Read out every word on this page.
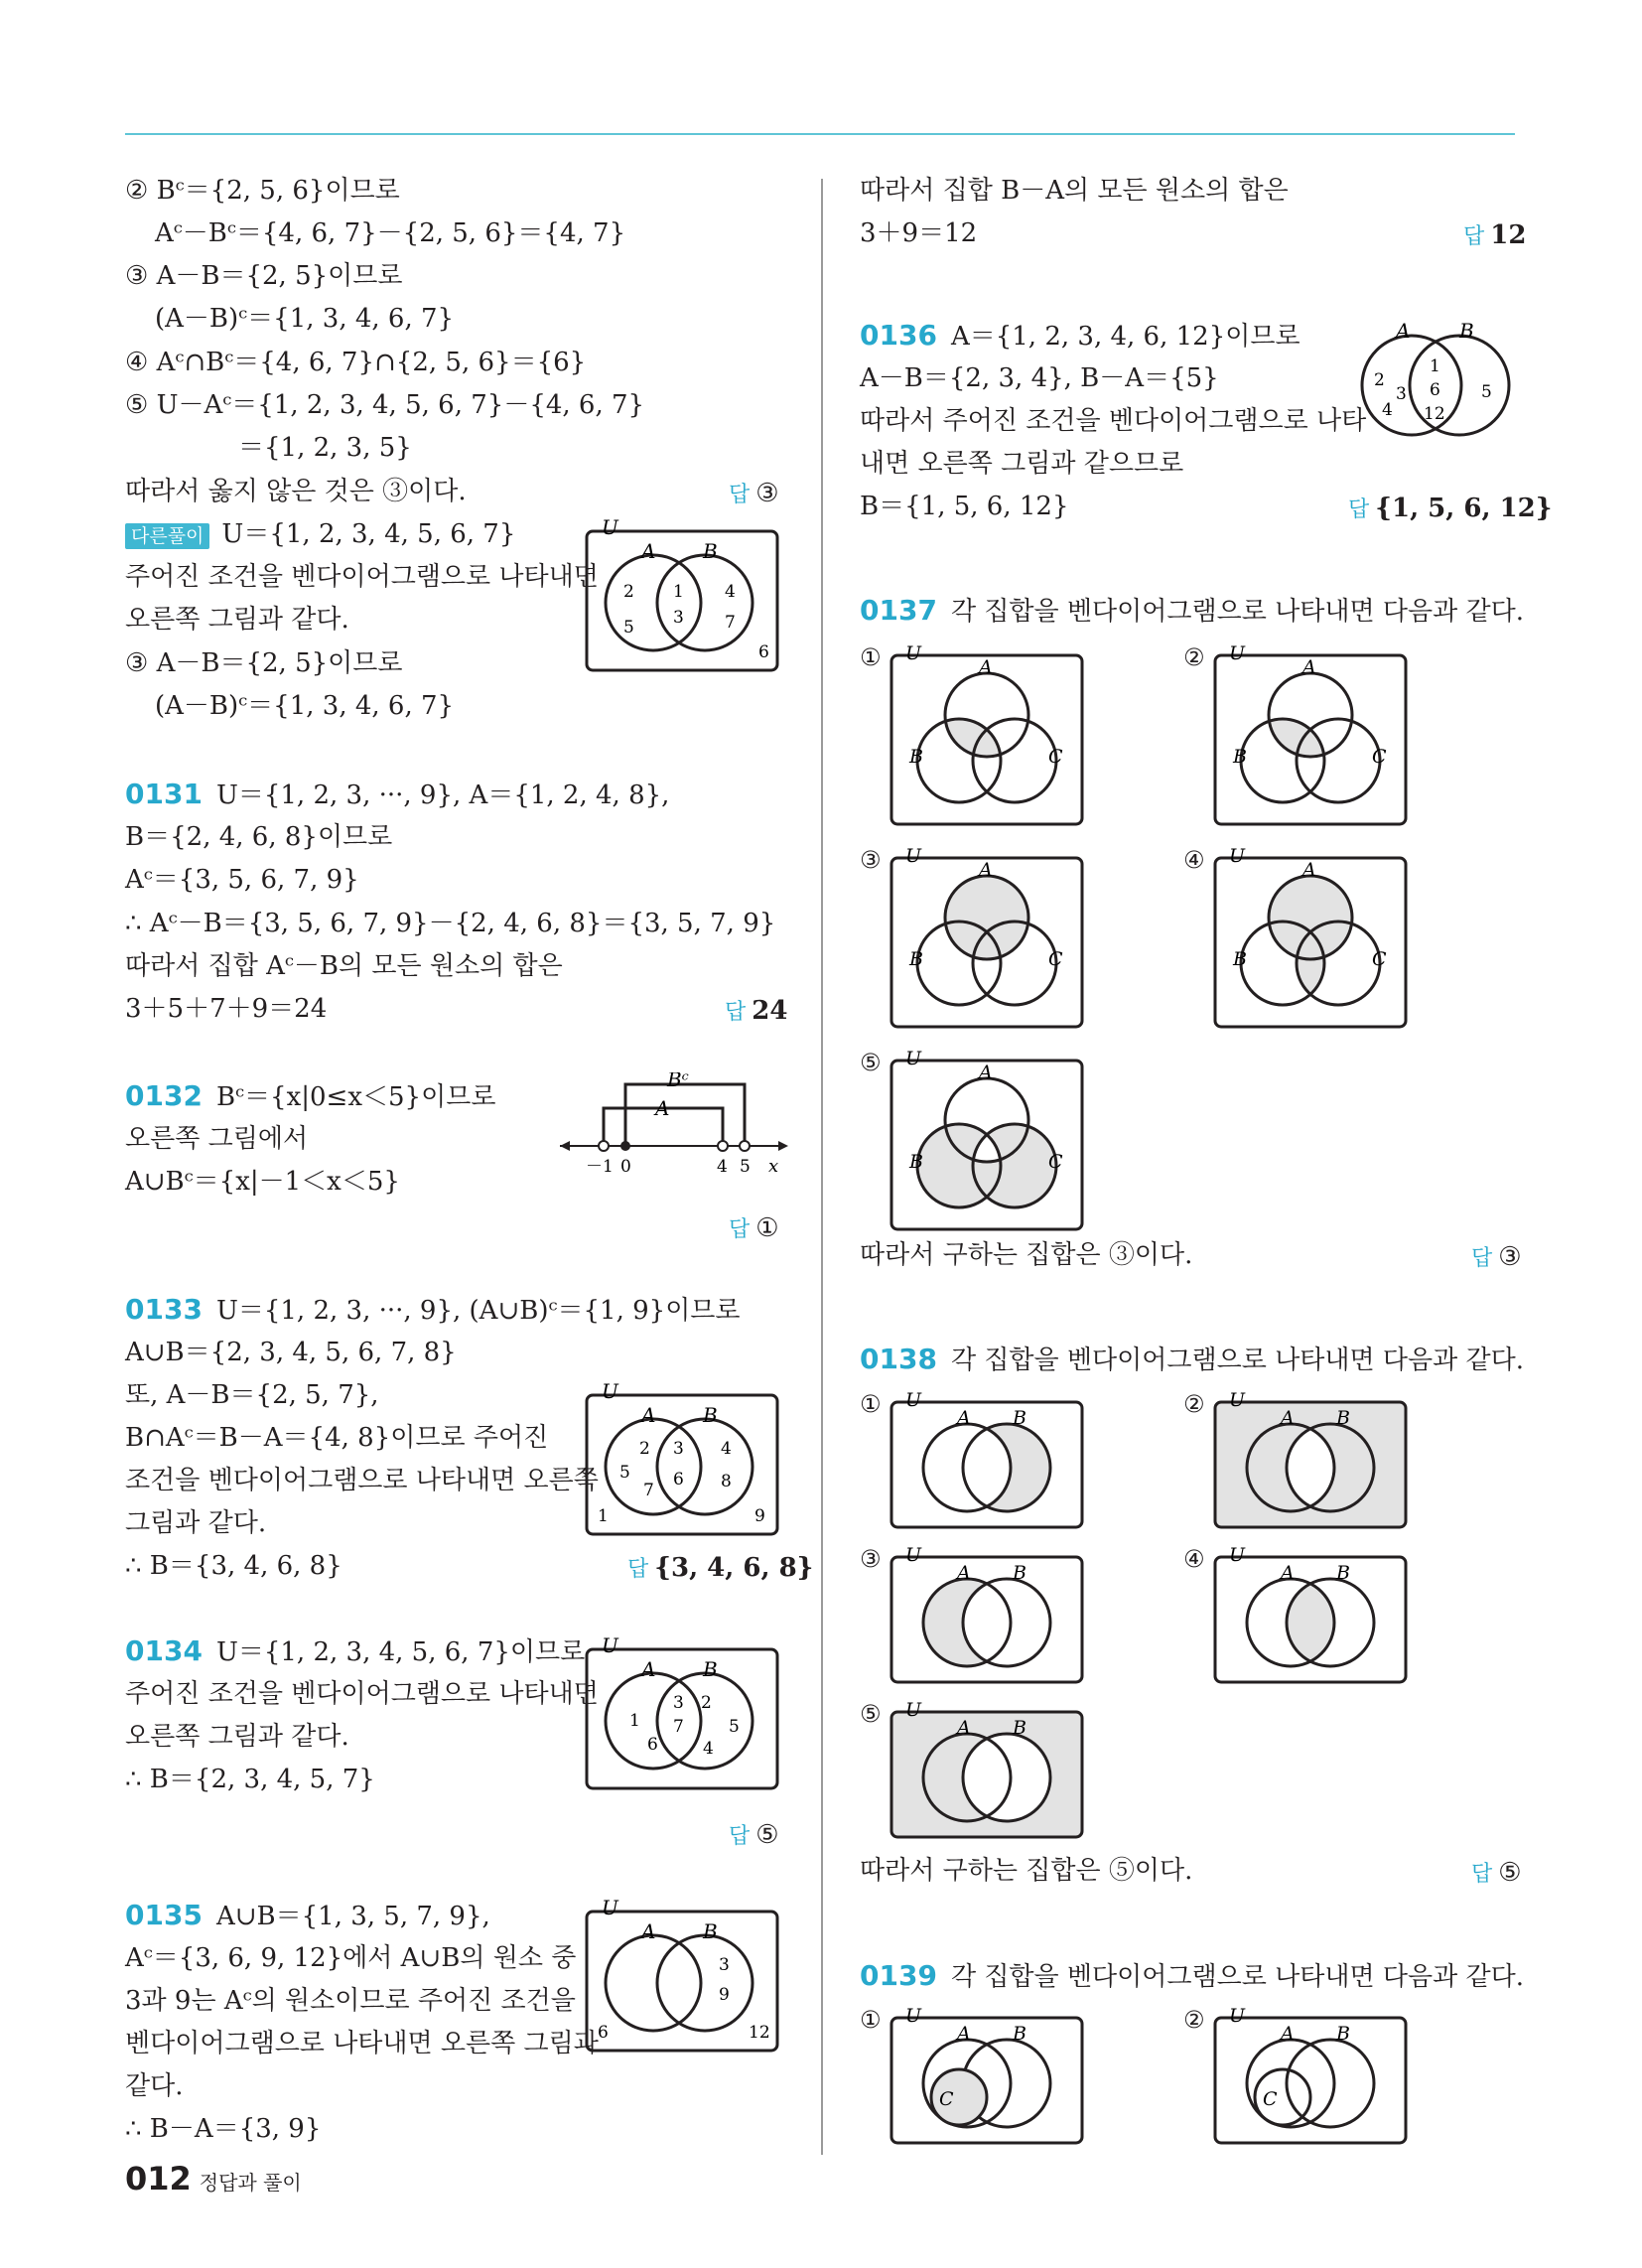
② Bᶜ＝{2, 5, 6}이므로
Aᶜ－Bᶜ＝{4, 6, 7}－{2, 5, 6}＝{4, 7}
③ A－B＝{2, 5}이므로
(A－B)ᶜ＝{1, 3, 4, 6, 7}
④ Aᶜ∩Bᶜ＝{4, 6, 7}∩{2, 5, 6}＝{6}
⑤ U－Aᶜ＝{1, 2, 3, 4, 5, 6, 7}－{4, 6, 7}
＝{1, 2, 3, 5}
따라서 옳지 않은 것은 ③이다.	답 ③
다른풀이 U＝{1, 2, 3, 4, 5, 6, 7}
주어진 조건을 벤다이어그램으로 나타내면
오른쪽 그림과 같다.
③ A－B＝{2, 5}이므로
(A－B)ᶜ＝{1, 3, 4, 6, 7}
U
A B
2
5
1
3
4
7
6
0131 U＝{1, 2, 3, ···, 9}, A＝{1, 2, 4, 8},
B＝{2, 4, 6, 8}이므로
Aᶜ＝{3, 5, 6, 7, 9}
∴ Aᶜ－B＝{3, 5, 6, 7, 9}－{2, 4, 6, 8}＝{3, 5, 7, 9}
따라서 집합 Aᶜ－B의 모든 원소의 합은
3＋5＋7＋9＝24	답 24
0132 Bᶜ＝{x|0≤x＜5}이므로
오른쪽 그림에서
A∪Bᶜ＝{x|－1＜x＜5}
답 ①
Bᶜ
A
－1 0	4 5 x
0133 U＝{1, 2, 3, ···, 9}, (A∪B)ᶜ＝{1, 9}이므로
A∪B＝{2, 3, 4, 5, 6, 7, 8}
또, A－B＝{2, 5, 7},
B∩Aᶜ＝B－A＝{4, 8}이므로 주어진
조건을 벤다이어그램으로 나타내면 오른쪽
그림과 같다.
∴ B＝{3, 4, 6, 8}	답 {3, 4, 6, 8}
U
A B
2
5
7
3
6
4
8
1	9
0134 U＝{1, 2, 3, 4, 5, 6, 7}이므로
주어진 조건을 벤다이어그램으로 나타내면
오른쪽 그림과 같다.
∴ B＝{2, 3, 4, 5, 7}
답 ⑤
U
A B
1
6
3
7
2
5
4
0135 A∪B＝{1, 3, 5, 7, 9},
Aᶜ＝{3, 6, 9, 12}에서 A∪B의 원소 중
3과 9는 Aᶜ의 원소이므로 주어진 조건을
벤다이어그램으로 나타내면 오른쪽 그림과
같다.
∴ B－A＝{3, 9}
U
A B
3
9
6	12
따라서 집합 B－A의 모든 원소의 합은
3＋9＝12	답 12
0136 A＝{1, 2, 3, 4, 6, 12}이므로
A－B＝{2, 3, 4}, B－A＝{5}
따라서 주어진 조건을 벤다이어그램으로 나타
내면 오른쪽 그림과 같으므로
B＝{1, 5, 6, 12}	답 {1, 5, 6, 12}
A B
2
3
4
1
6
12
5
0137 각 집합을 벤다이어그램으로 나타내면 다음과 같다.
① U
A
B	C
② U
A
B	C
③ U
A
B	C
④ U
A
B	C
⑤ U
A
B	C
따라서 구하는 집합은 ③이다.	답 ③
0138 각 집합을 벤다이어그램으로 나타내면 다음과 같다.
① U
A B	② U
A B
③ U
A B	④ U
A B
⑤ U
A B
따라서 구하는 집합은 ⑤이다.	답 ⑤
0139 각 집합을 벤다이어그램으로 나타내면 다음과 같다.
① U
A B
C
② U
A B
C
012 정답과 풀이
